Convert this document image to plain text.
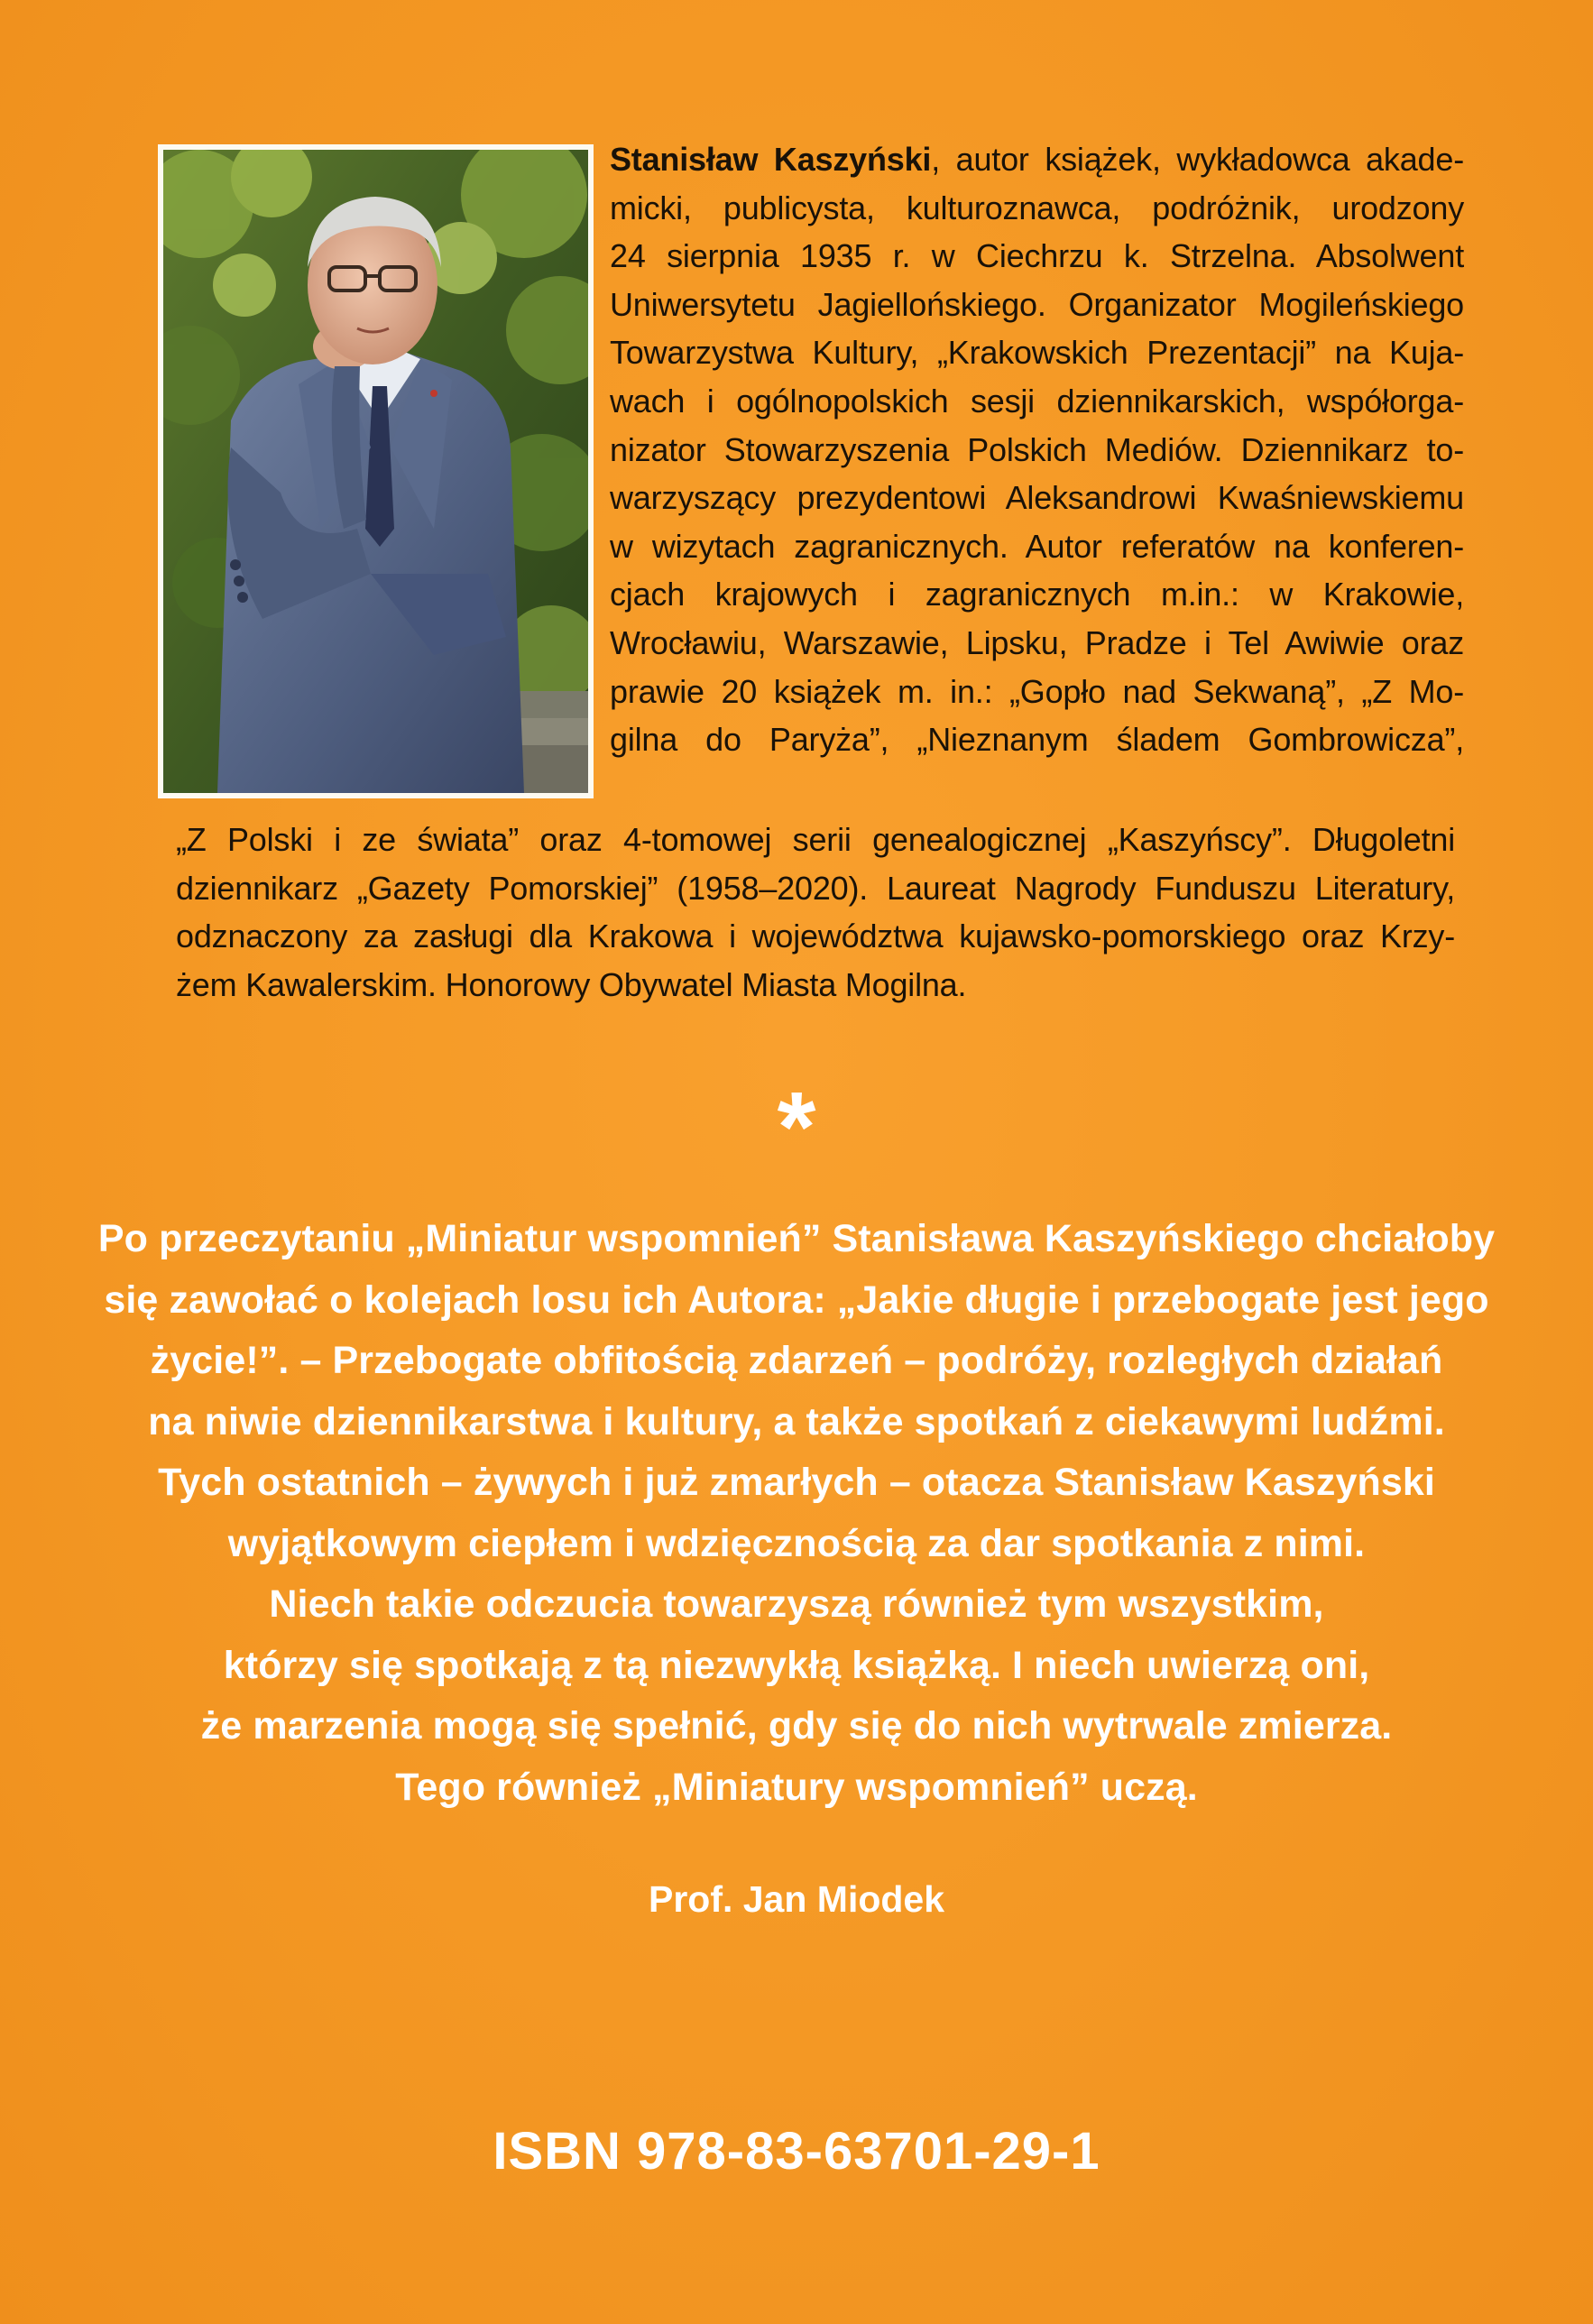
Stanisław Kaszyński, autor książek, wykładowca akade-
micki, publicysta, kulturoznawca, podróżnik, urodzony
24 sierpnia 1935 r. w Ciechrzu k. Strzelna. Absolwent
Uniwersytetu Jagiellońskiego. Organizator Mogileńskiego
Towarzystwa Kultury, „Krakowskich Prezentacji” na Kuja-
wach i ogólnopolskich sesji dziennikarskich, współorga-
nizator Stowarzyszenia Polskich Mediów. Dziennikarz to-
warzyszący prezydentowi Aleksandrowi Kwaśniewskiemu
w wizytach zagranicznych. Autor referatów na konferen-
cjach krajowych i zagranicznych m.in.: w Krakowie,
Wrocławiu, Warszawie, Lipsku, Pradze i Tel Awiwie oraz
prawie 20 książek m. in.: „Gopło nad Sekwaną”, „Z Mo-
gilna do Paryża”, „Nieznanym śladem Gombrowicza”,
„Z Polski i ze świata” oraz 4-tomowej serii genealogicznej „Kaszyńscy”. Długoletni
dziennikarz „Gazety Pomorskiej” (1958–2020). Laureat Nagrody Funduszu Literatury,
odznaczony za zasługi dla Krakowa i województwa kujawsko-pomorskiego oraz Krzy-
żem Kawalerskim. Honorowy Obywatel Miasta Mogilna.
*
Po przeczytaniu „Miniatur wspomnień” Stanisława Kaszyńskiego chciałoby
się zawołać o kolejach losu ich Autora: „Jakie długie i przebogate jest jego
życie!”. – Przebogate obfitością zdarzeń – podróży, rozległych działań
na niwie dziennikarstwa i kultury, a także spotkań z ciekawymi ludźmi.
Tych ostatnich – żywych i już zmarłych – otacza Stanisław Kaszyński
wyjątkowym ciepłem i wdzięcznością za dar spotkania z nimi.
Niech takie odczucia towarzyszą również tym wszystkim,
którzy się spotkają z tą niezwykłą książką. I niech uwierzą oni,
że marzenia mogą się spełnić, gdy się do nich wytrwale zmierza.
Tego również „Miniatury wspomnień” uczą.
Prof. Jan Miodek
ISBN 978-83-63701-29-1
